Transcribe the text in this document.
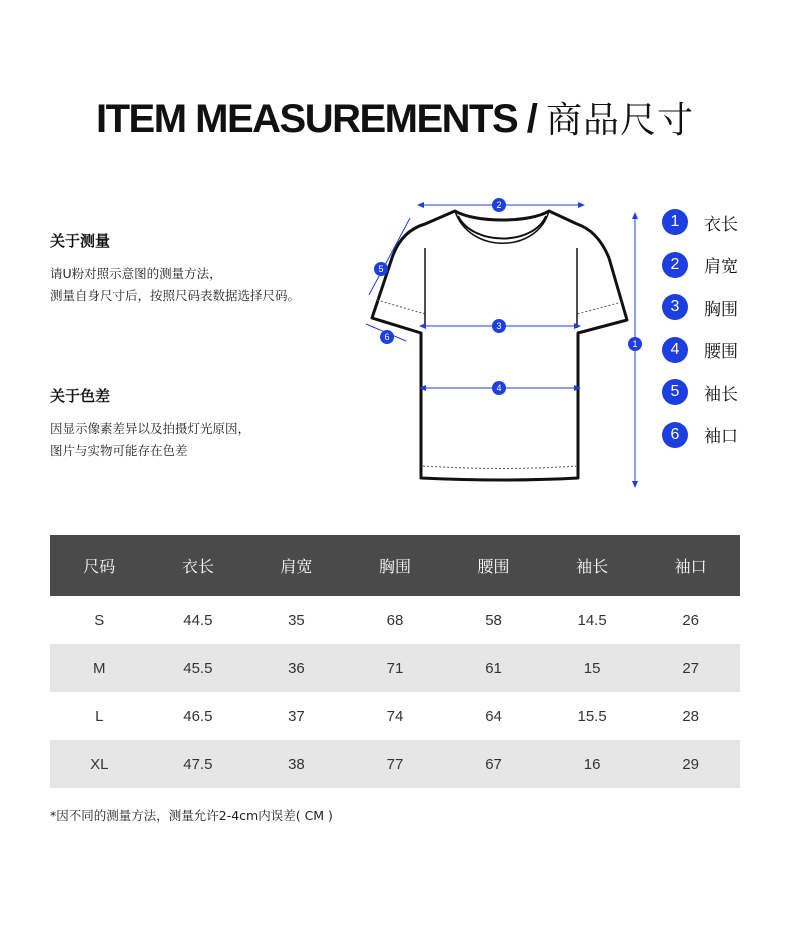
ITEM MEASUREMENTS / 商品尺寸
关于测量
请U粉对照示意图的测量方法，
测量自身尺寸后，按照尺码表数据选择尺码。
关于色差
因显示像素差异以及拍摄灯光原因，
图片与实物可能存在色差
1
2
3
4
5
6
1	衣长
2	肩宽
3	胸围
4	腰围
5	袖长
6	袖口
尺码	衣长	肩宽	胸围	腰围	袖长	袖口
S	44.5	35	68	58	14.5	26
M	45.5	36	71	61	15	27
L	46.5	37	74	64	15.5	28
XL	47.5	38	77	67	16	29
*因不同的测量方法，测量允许2-4cm内误差( CM )
